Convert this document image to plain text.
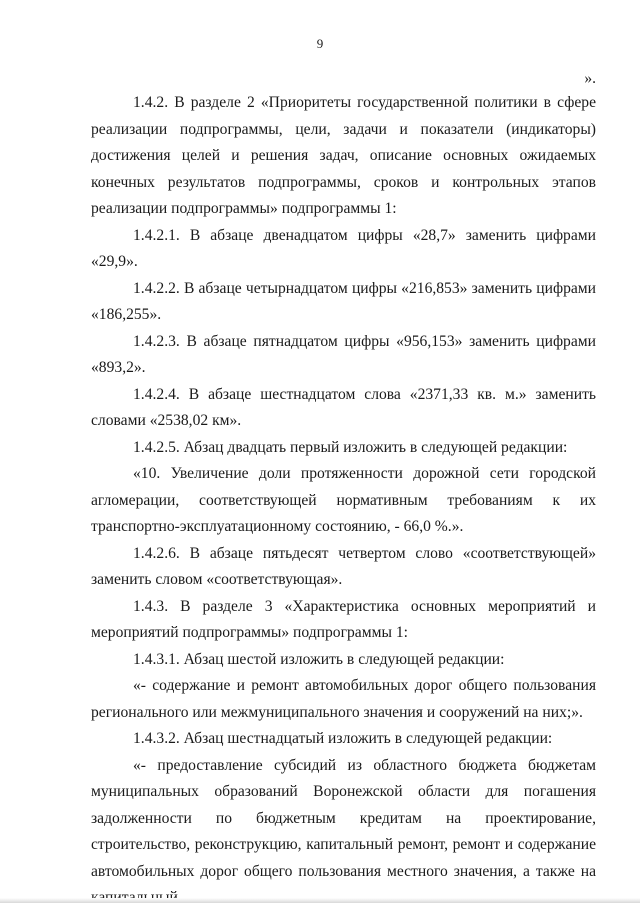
9
».

1.4.2. В разделе 2 «Приоритеты государственной политики в сфере реализации подпрограммы, цели, задачи и показатели (индикаторы) достижения целей и решения задач, описание основных ожидаемых конечных результатов подпрограммы, сроков и контрольных этапов реализации подпрограммы» подпрограммы 1:

1.4.2.1. В абзаце двенадцатом цифры «28,7» заменить цифрами «29,9».

1.4.2.2. В абзаце четырнадцатом цифры «216,853» заменить цифрами «186,255».

1.4.2.3. В абзаце пятнадцатом цифры «956,153» заменить цифрами «893,2».

1.4.2.4. В абзаце шестнадцатом слова «2371,33 кв. м.» заменить словами «2538,02 км».

1.4.2.5. Абзац двадцать первый изложить в следующей редакции:

«10. Увеличение доли протяженности дорожной сети городской агломерации, соответствующей нормативным требованиям к их транспортно-эксплуатационному состоянию, - 66,0 %.».

1.4.2.6. В абзаце пятьдесят четвертом слово «соответствующей» заменить словом «соответствующая».

1.4.3. В разделе 3 «Характеристика основных мероприятий и мероприятий подпрограммы» подпрограммы 1:

1.4.3.1. Абзац шестой изложить в следующей редакции:

«- содержание и ремонт автомобильных дорог общего пользования регионального или межмуниципального значения и сооружений на них;».

1.4.3.2. Абзац шестнадцатый изложить в следующей редакции:

«- предоставление субсидий из областного бюджета бюджетам муниципальных образований Воронежской области для погашения задолженности по бюджетным кредитам на проектирование, строительство, реконструкцию, капитальный ремонт, ремонт и содержание автомобильных дорог общего пользования местного значения, а также на
